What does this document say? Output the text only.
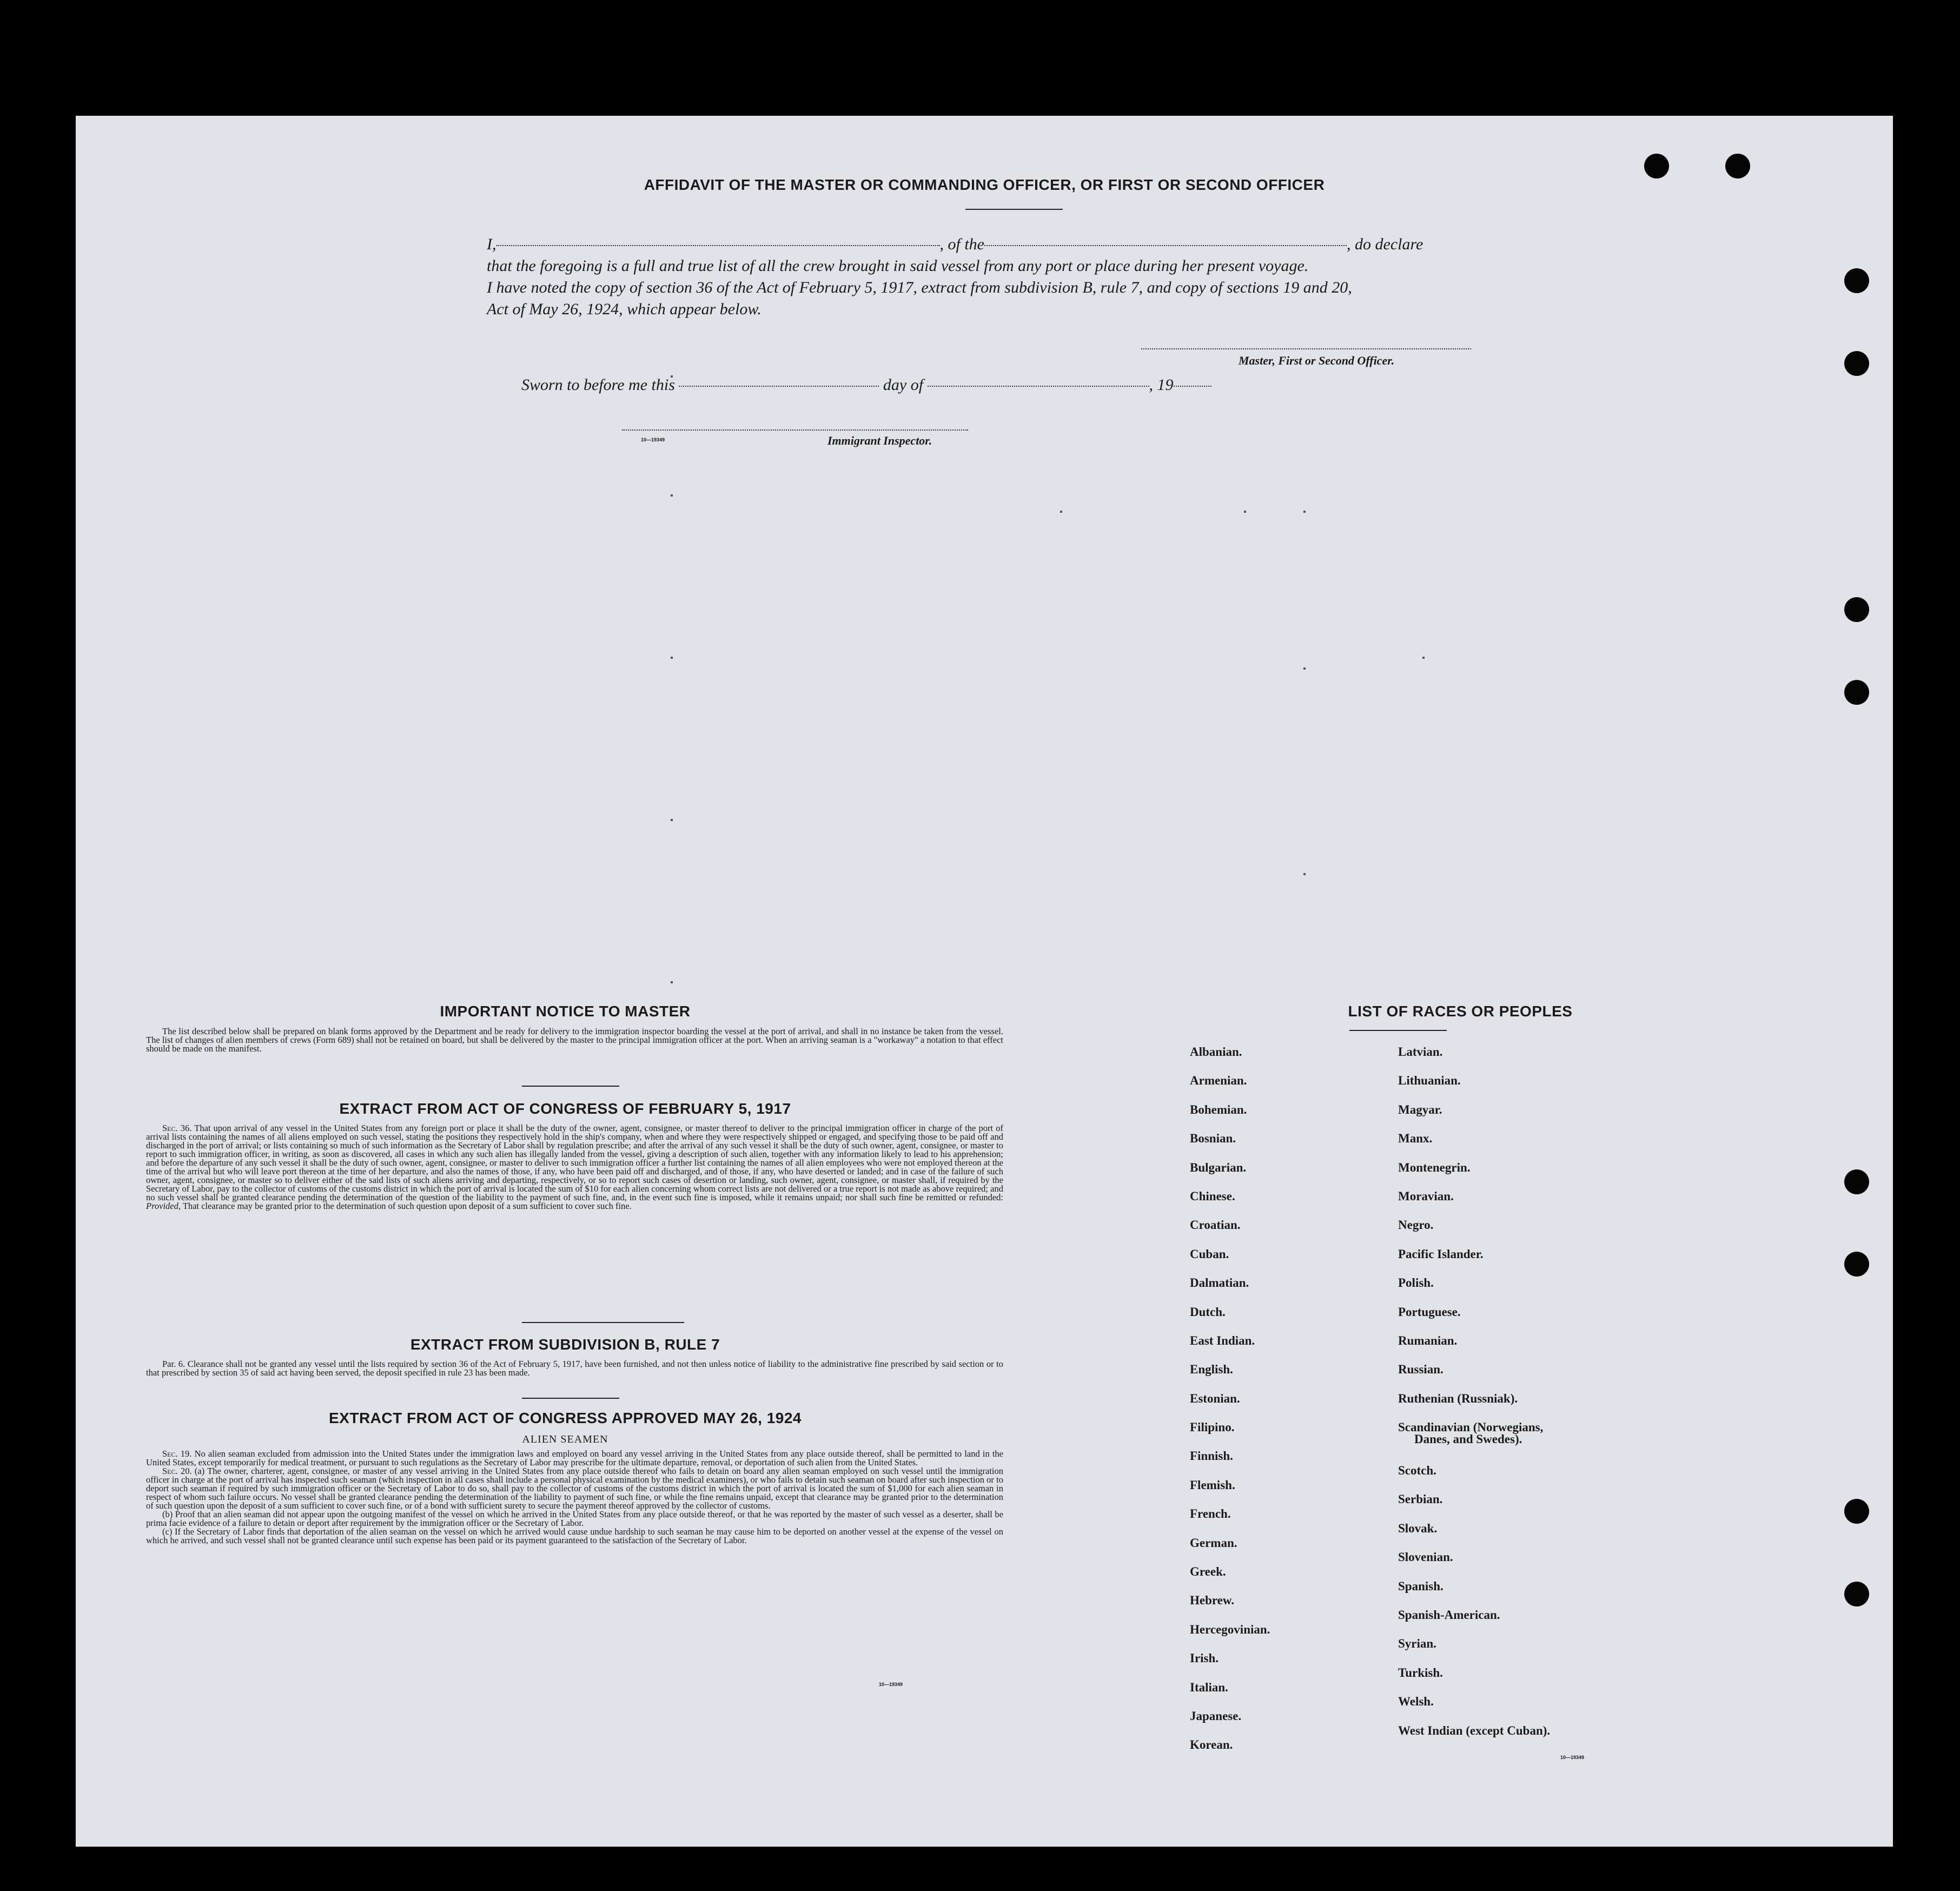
AFFIDAVIT OF THE MASTER OR COMMANDING OFFICER, OR FIRST OR SECOND OFFICER
I,	, of the	, do declare
that the foregoing is a full and true list of all the crew brought in said vessel from any port or place during her present voyage.
I have noted the copy of section 36 of the Act of February 5, 1917, extract from subdivision B, rule 7, and copy of sections 19 and 20,
Act of May 26, 1924, which appear below.
Master, First or Second Officer.
Sworn to before me this	day of	, 19
10—19349	Immigrant Inspector.
IMPORTANT NOTICE TO MASTER

The list described below shall be prepared on blank forms approved by the Department and be ready for delivery to the immigration inspector boarding the vessel at the port of arrival, and shall in no instance be taken from the vessel. The list of changes of alien members of crews (Form 689) shall not be retained on board, but shall be delivered by the master to the principal immigration officer at the port. When an arriving seaman is a "workaway" a notation to that effect should be made on the manifest.

EXTRACT FROM ACT OF CONGRESS OF FEBRUARY 5, 1917

Sec. 36. That upon arrival of any vessel in the United States from any foreign port or place it shall be the duty of the owner, agent, consignee, or master thereof to deliver to the principal immigration officer in charge of the port of arrival lists containing the names of all aliens employed on such vessel, stating the positions they respectively hold in the ship's company, when and where they were respectively shipped or engaged, and specifying those to be paid off and discharged in the port of arrival; or lists containing so much of such information as the Secretary of Labor shall by regulation prescribe; and after the arrival of any such vessel it shall be the duty of such owner, agent, consignee, or master to report to such immigration officer, in writing, as soon as discovered, all cases in which any such alien has illegally landed from the vessel, giving a description of such alien, together with any information likely to lead to his apprehension; and before the departure of any such vessel it shall be the duty of such owner, agent, consignee, or master to deliver to such immigration officer a further list containing the names of all alien employees who were not employed thereon at the time of the arrival but who will leave port thereon at the time of her departure, and also the names of those, if any, who have been paid off and discharged, and of those, if any, who have deserted or landed; and in case of the failure of such owner, agent, consignee, or master so to deliver either of the said lists of such aliens arriving and departing, respectively, or so to report such cases of desertion or landing, such owner, agent, consignee, or master shall, if required by the Secretary of Labor, pay to the collector of customs of the customs district in which the port of arrival is located the sum of $10 for each alien concerning whom correct lists are not delivered or a true report is not made as above required; and no such vessel shall be granted clearance pending the determination of the question of the liability to the payment of such fine, and, in the event such fine is imposed, while it remains unpaid; nor shall such fine be remitted or refunded: Provided, That clearance may be granted prior to the determination of such question upon deposit of a sum sufficient to cover such fine.

EXTRACT FROM SUBDIVISION B, RULE 7

Par. 6. Clearance shall not be granted any vessel until the lists required by section 36 of the Act of February 5, 1917, have been furnished, and not then unless notice of liability to the administrative fine prescribed by said section or to that prescribed by section 35 of said act having been served, the deposit specified in rule 23 has been made.

EXTRACT FROM ACT OF CONGRESS APPROVED MAY 26, 1924
ALIEN SEAMEN

Sec. 19. No alien seaman excluded from admission into the United States under the immigration laws and employed on board any vessel arriving in the United States from any place outside thereof, shall be permitted to land in the United States, except temporarily for medical treatment, or pursuant to such regulations as the Secretary of Labor may prescribe for the ultimate departure, removal, or deportation of such alien from the United States.

Sec. 20. (a) The owner, charterer, agent, consignee, or master of any vessel arriving in the United States from any place outside thereof who fails to detain on board any alien seaman employed on such vessel until the immigration officer in charge at the port of arrival has inspected such seaman (which inspection in all cases shall include a personal physical examination by the medical examiners), or who fails to detain such seaman on board after such inspection or to deport such seaman if required by such immigration officer or the Secretary of Labor to do so, shall pay to the collector of customs of the customs district in which the port of arrival is located the sum of $1,000 for each alien seaman in respect of whom such failure occurs. No vessel shall be granted clearance pending the determination of the liability to payment of such fine, or while the fine remains unpaid, except that clearance may be granted prior to the determination of such question upon the deposit of a sum sufficient to cover such fine, or of a bond with sufficient surety to secure the payment thereof approved by the collector of customs.

(b) Proof that an alien seaman did not appear upon the outgoing manifest of the vessel on which he arrived in the United States from any place outside thereof, or that he was reported by the master of such vessel as a deserter, shall be prima facie evidence of a failure to detain or deport after requirement by the immigration officer or the Secretary of Labor.

(c) If the Secretary of Labor finds that deportation of the alien seaman on the vessel on which he arrived would cause undue hardship to such seaman he may cause him to be deported on another vessel at the expense of the vessel on which he arrived, and such vessel shall not be granted clearance until such expense has been paid or its payment guaranteed to the satisfaction of the Secretary of Labor.

10—19349
LIST OF RACES OR PEOPLES
Albanian.
Armenian.
Bohemian.
Bosnian.
Bulgarian.
Chinese.
Croatian.
Cuban.
Dalmatian.
Dutch.
East Indian.
English.
Estonian.
Filipino.
Finnish.
Flemish.
French.
German.
Greek.
Hebrew.
Hercegovinian.
Irish.
Italian.
Japanese.
Korean.
Latvian.
Lithuanian.
Magyar.
Manx.
Montenegrin.
Moravian.
Negro.
Pacific Islander.
Polish.
Portuguese.
Rumanian.
Russian.
Ruthenian (Russniak).
Scandinavian (Norwegians,
Danes, and Swedes).
Scotch.
Serbian.
Slovak.
Slovenian.
Spanish.
Spanish-American.
Syrian.
Turkish.
Welsh.
West Indian (except Cuban).
10—19349
